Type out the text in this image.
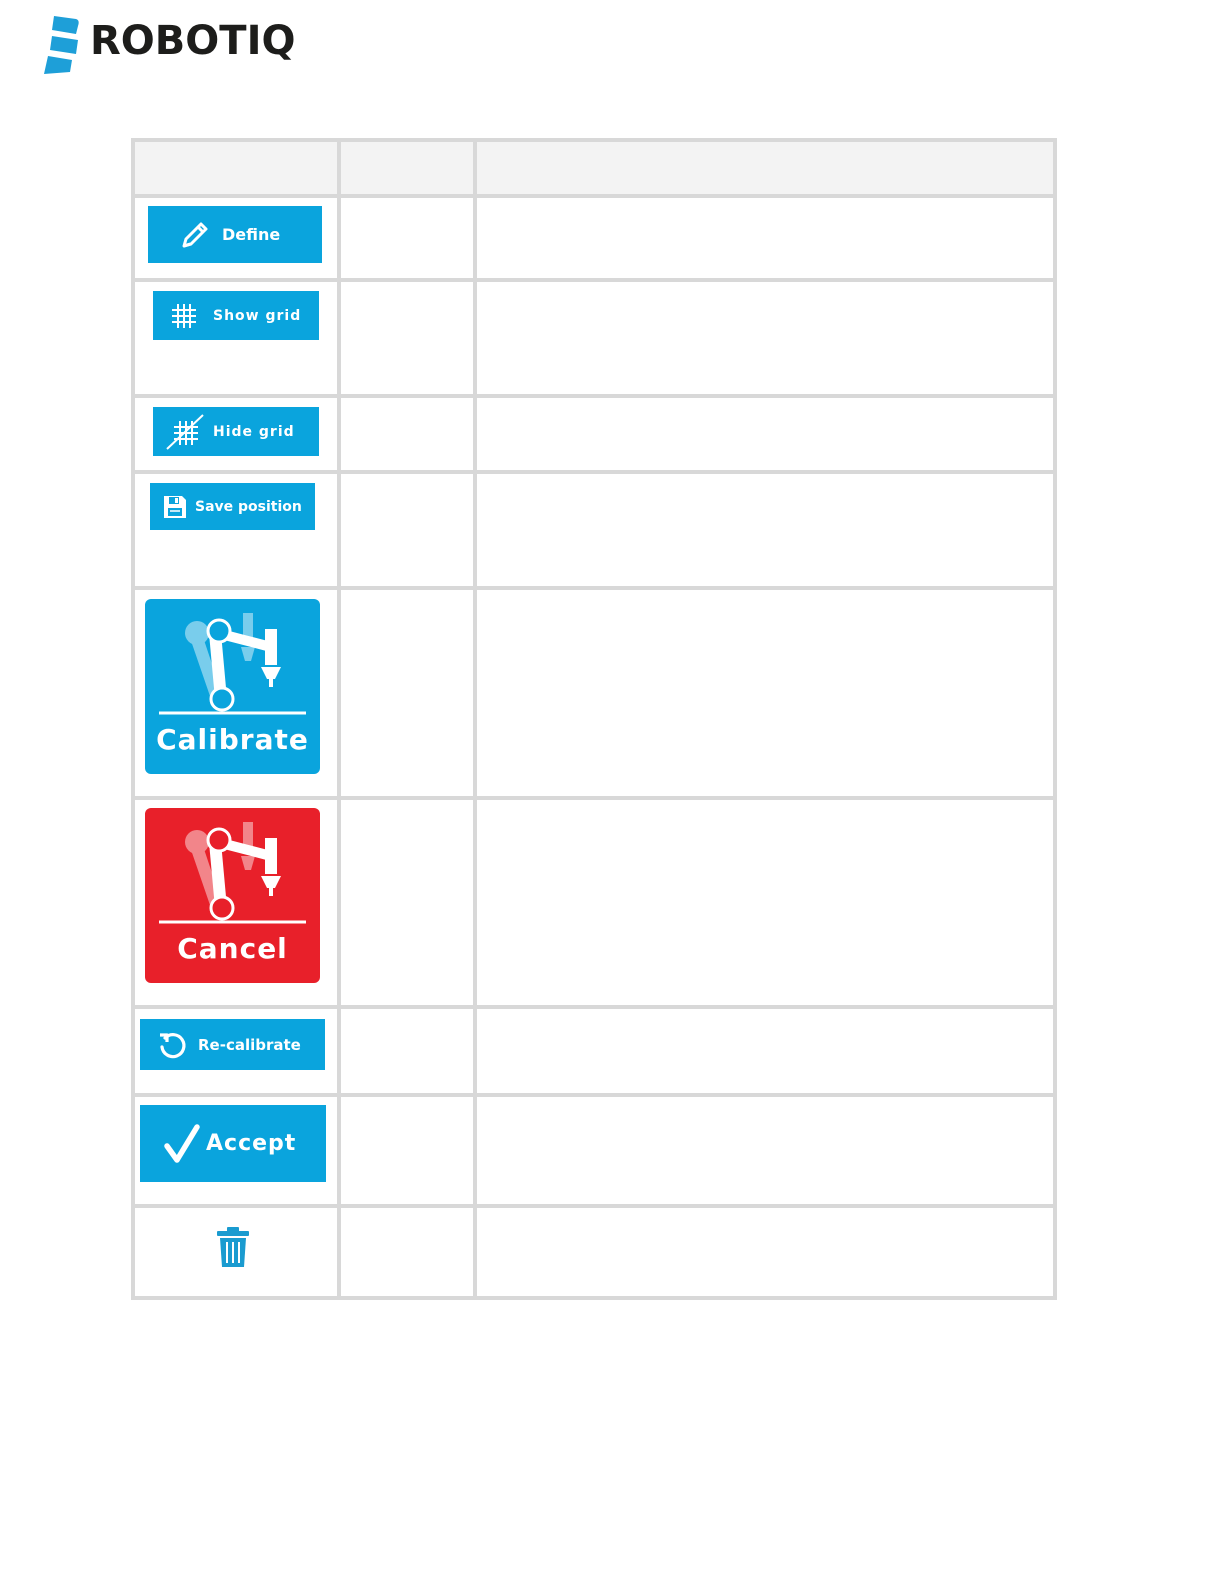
ROBOTIQ

Define		

Show grid		

Hide grid		

Save position		

Calibrate		

Cancel		

Re-calibrate		

Accept		
